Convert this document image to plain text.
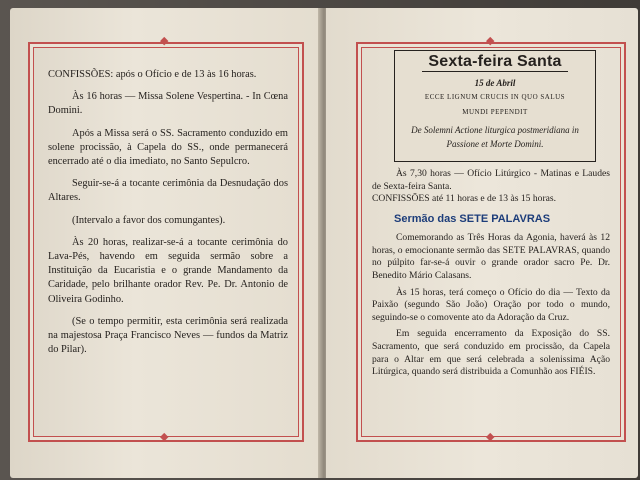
◆
◆
◆
◆

CONFISSÕES: após o Ofício e de 13 às 16 horas.

Às 16 horas — Missa Solene Vespertina. - In Cœna Domini.

Após a Missa será o SS. Sacramento conduzido em solene procissão, à Capela do SS., onde permanecerá encerrado até o dia imediato, no Santo Sepulcro.

Seguir-se-á a tocante cerimônia da Desnudação dos Altares.

(Intervalo a favor dos comungantes).

Às 20 horas, realizar-se-á a tocante cerimônia do Lava-Pés, havendo em seguida sermão sobre a Instituição da Eucaristia e o grande Mandamento da Caridade, pelo brilhante orador Rev. Pe. Dr. Antonio de Oliveira Godinho.

(Se o tempo permitir, esta cerimônia será realizada na majestosa Praça Francisco Neves — fundos da Matriz do Pilar).

Sexta-feira Santa
15 de Abril
ECCE LIGNUM CRUCIS IN QUO SALUS
MUNDI PEPENDIT
De Solemni Actione liturgica postmeridiana in Passione et Morte Domini.

Às 7,30 horas — Ofício Litúrgico - Matinas e Laudes de Sexta-feira Santa.

CONFISSÕES até 11 horas e de 13 às 15 horas.

Sermão das SETE PALAVRAS

Comemorando as Três Horas da Agonia, haverá às 12 horas, o emocionante sermão das SETE PALAVRAS, quando no púlpito far-se-á ouvir o grande orador sacro Pe. Dr. Benedito Mário Calasans.

Às 15 horas, terá começo o Ofício do dia — Texto da Paixão (segundo São João) Oração por todo o mundo, seguindo-se o comovente ato da Adoração da Cruz.

Em seguida encerramento da Exposição do SS. Sacramento, que será conduzido em procissão, da Capela para o Altar em que será celebrada a solenissima Ação Litúrgica, quando será distribuida a Comunhão aos FIÉIS.
